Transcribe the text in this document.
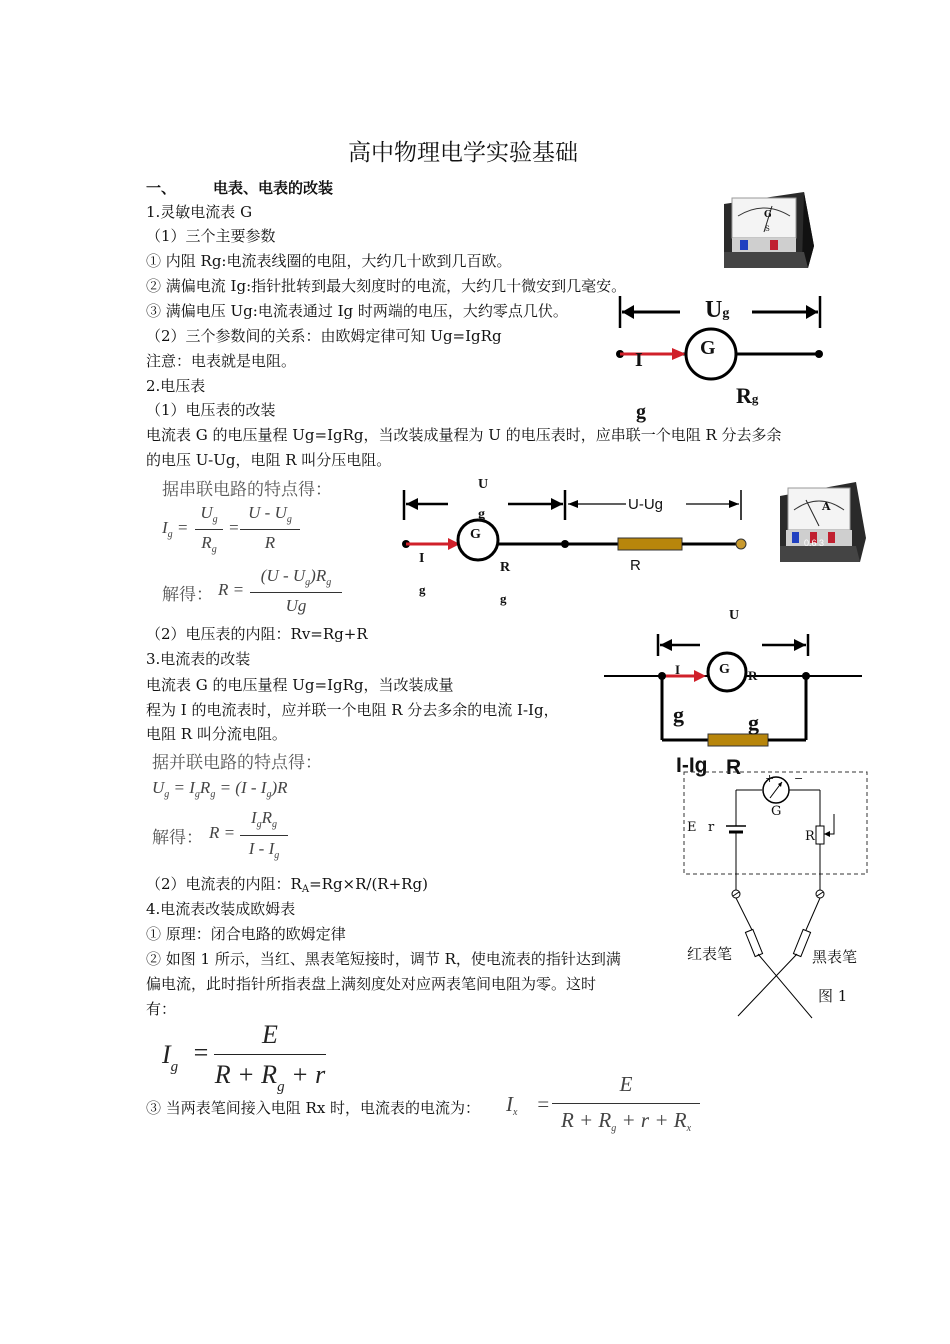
高中物理电学实验基础
一、 电表、电表的改装
1.灵敏电流表 G
（1）三个主要参数
① 内阻 Rg:电流表线圈的电阻，大约几十欧到几百欧。
② 满偏电流 Ig:指针批转到最大刻度时的电流，大约几十微安到几毫安。
③ 满偏电压 Ug:电流表通过 Ig 时两端的电压，大约零点几伏。
（2）三个参数间的关系：由欧姆定律可知 Ug=IgRg
注意：电表就是电阻。
2.电压表
（1）电压表的改装
电流表 G 的电压量程 Ug=IgRg，当改装成量程为 U 的电压表时，应串联一个电阻 R 分去多余
的电压 U-Ug，电阻 R 叫分压电阻。
据串联电路的特点得：
$I_g$ =
$U_g$
$R_g$
=
U - $U_g$
R
解得： R =
$(U - U_g)R_g$
Ug
（2）电压表的内阻：Rv=Rg+R
3.电流表的改装
电流表 G 的电压量程 Ug=IgRg，当改装成量
程为 I 的电流表时，应并联一个电阻 R 分去多余的电流 I-Ig，
电阻 R 叫分流电阻。
据并联电路的特点得：
$U_g = I_gR_g = (I - I_g)R$
解得： R =
$I_gR_g$
I - $I_g$
（2）电流表的内阻：$R_A=Rg\times R/(R+Rg)$
4.电流表改装成欧姆表
① 原理：闭合电路的欧姆定律
② 如图 1 所示，当红、黑表笔短接时，调节 R，使电流表的指针达到满
偏电流，此时指针所指表盘上满刻度处对应两表笔间电阻为零。这时
有：
$I_g$ =
E
$R + R_g + r$
③ 当两表笔间接入电阻 Rx 时，电流表的电流为： $I_x$ =
E
$R + R_g + r + R_x$
G
S
Ug
G
I
g
Rg
U
g
U-Ug
G
I
g
R
g
R
A
0.6 3
U
G
I	R
g	g
I-Ig R + −
G
E r
R
红表笔	黑表笔
图 1
